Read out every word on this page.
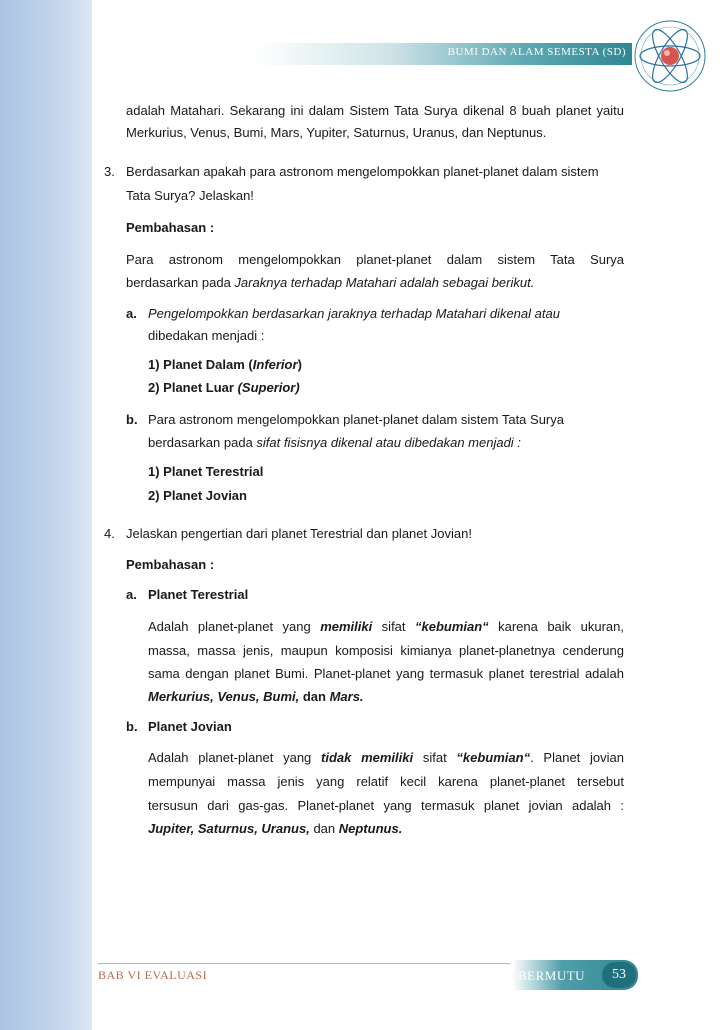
BUMI DAN ALAM SEMESTA (SD)
adalah Matahari. Sekarang ini dalam Sistem Tata Surya dikenal 8 buah planet yaitu
Merkurius, Venus, Bumi, Mars, Yupiter, Saturnus, Uranus, dan Neptunus.
3. Berdasarkan apakah para astronom mengelompokkan planet-planet dalam sistem
Tata Surya? Jelaskan!
Pembahasan :
Para astronom mengelompokkan planet-planet dalam sistem Tata Surya
berdasarkan pada Jaraknya terhadap Matahari adalah sebagai berikut.
a. Pengelompokkan berdasarkan jaraknya terhadap Matahari dikenal atau
dibedakan menjadi :
1) Planet Dalam (Inferior)
2) Planet Luar (Superior)
b. Para astronom mengelompokkan planet-planet dalam sistem Tata Surya
berdasarkan pada sifat fisisnya dikenal atau dibedakan menjadi :
1) Planet Terestrial
2) Planet Jovian
4. Jelaskan pengertian dari planet Terestrial dan planet Jovian!
Pembahasan :
a. Planet Terestrial
Adalah planet-planet yang memiliki sifat “kebumian“ karena baik ukuran,
massa, massa jenis, maupun komposisi kimianya planet-planetnya cenderung
sama dengan planet Bumi. Planet-planet yang termasuk planet terestrial adalah
Merkurius, Venus, Bumi, dan Mars.
b. Planet Jovian
Adalah planet-planet yang tidak memiliki sifat “kebumian“. Planet jovian
mempunyai massa jenis yang relatif kecil karena planet-planet tersebut
tersusun dari gas-gas. Planet-planet yang termasuk planet jovian adalah :
Jupiter, Saturnus, Uranus, dan Neptunus.
BAB VI EVALUASI	BERMUTU	53
